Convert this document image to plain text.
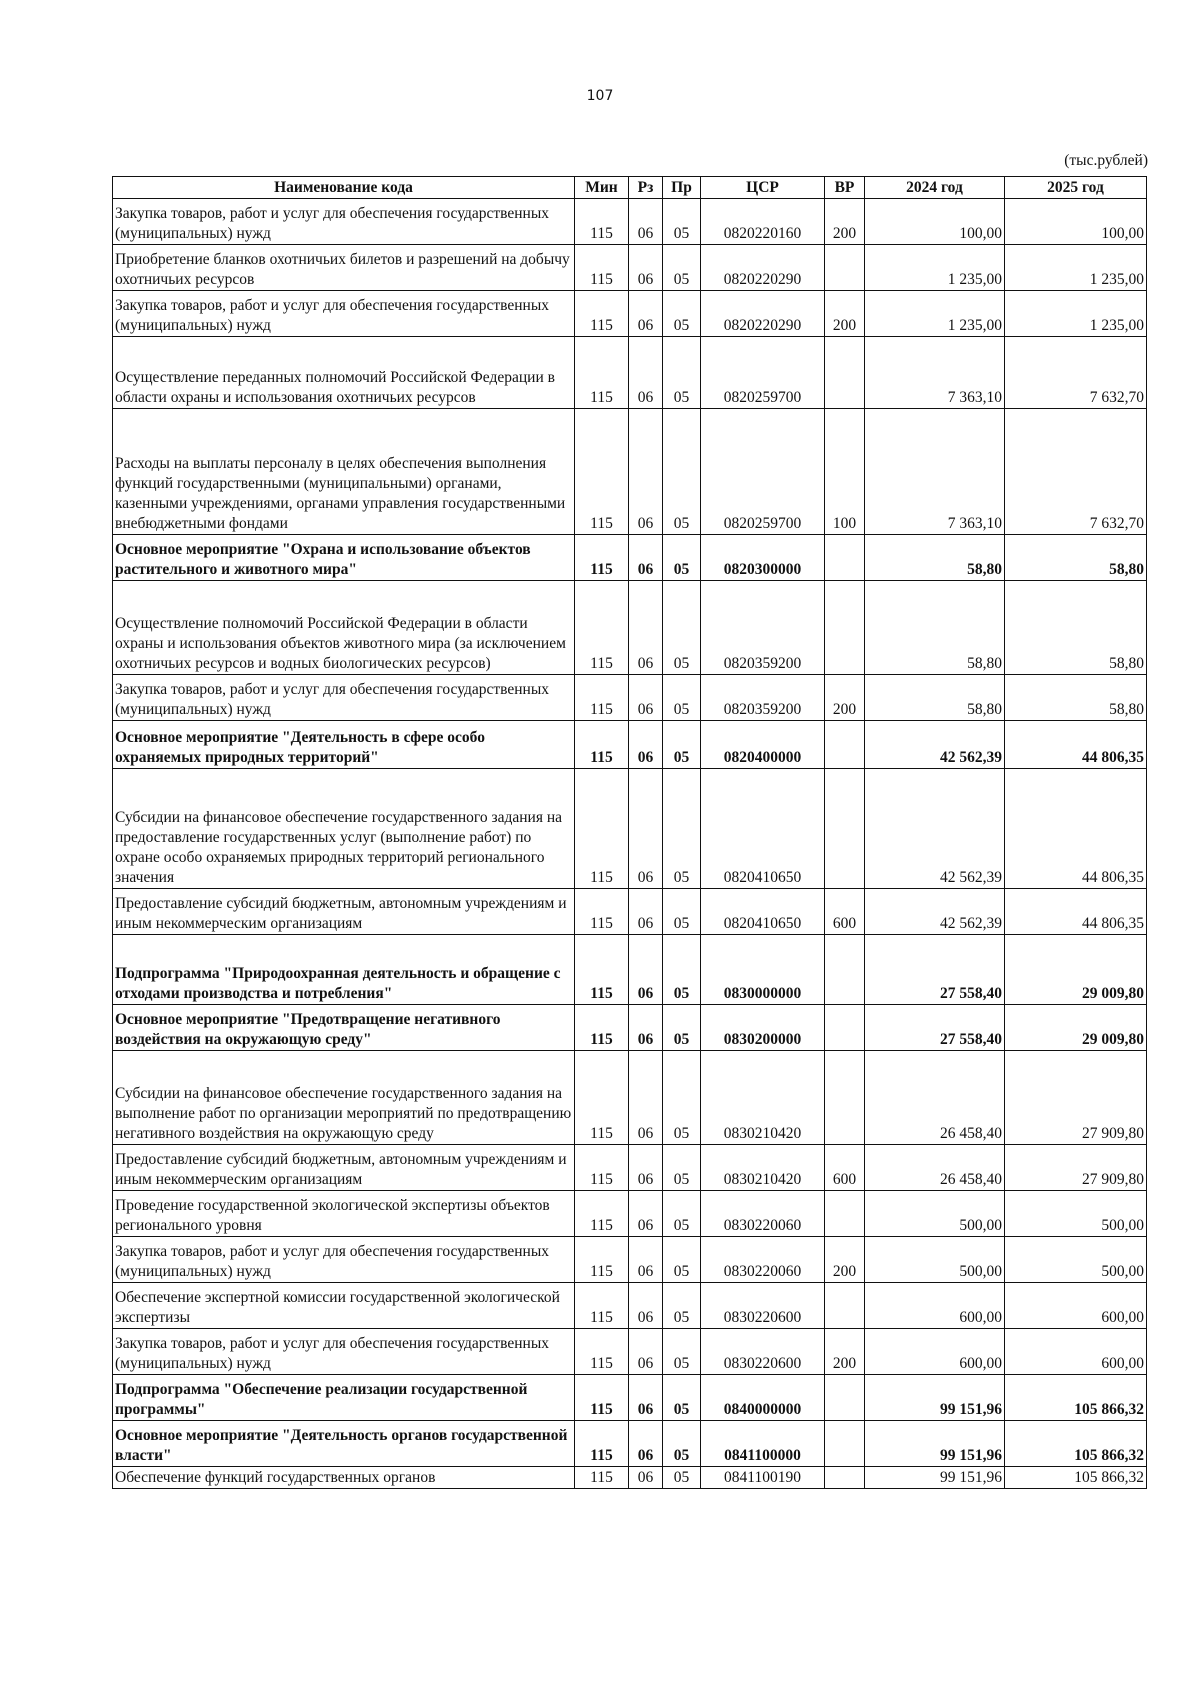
107
(тыс.рублей)
Наименование кода	Мин	Рз	Пр	ЦСР	ВР	2024 год	2025 год
Закупка товаров, работ и услуг для обеспечения государственных (муниципальных) нужд	115	06	05	0820220160	200	100,00	100,00
Приобретение бланков охотничьих билетов и разрешений на добычу охотничьих ресурсов	115	06	05	0820220290		1 235,00	1 235,00
Закупка товаров, работ и услуг для обеспечения государственных (муниципальных) нужд	115	06	05	0820220290	200	1 235,00	1 235,00
Осуществление переданных полномочий Российской Федерации в области охраны и использования охотничьих ресурсов	115	06	05	0820259700		7 363,10	7 632,70
Расходы на выплаты персоналу в целях обеспечения выполнения функций государственными (муниципальными) органами, казенными учреждениями, органами управления государственными внебюджетными фондами	115	06	05	0820259700	100	7 363,10	7 632,70
Основное мероприятие "Охрана и использование объектов растительного и животного мира"	115	06	05	0820300000		58,80	58,80
Осуществление полномочий Российской Федерации в области охраны и использования объектов животного мира (за исключением охотничьих ресурсов и водных биологических ресурсов)	115	06	05	0820359200		58,80	58,80
Закупка товаров, работ и услуг для обеспечения государственных (муниципальных) нужд	115	06	05	0820359200	200	58,80	58,80
Основное мероприятие "Деятельность в сфере особо охраняемых природных территорий"	115	06	05	0820400000		42 562,39	44 806,35
Субсидии на финансовое обеспечение государственного задания на предоставление государственных услуг (выполнение работ) по охране особо охраняемых природных территорий регионального значения	115	06	05	0820410650		42 562,39	44 806,35
Предоставление субсидий бюджетным, автономным учреждениям и иным некоммерческим организациям	115	06	05	0820410650	600	42 562,39	44 806,35
Подпрограмма "Природоохранная деятельность и обращение с отходами производства и потребления"	115	06	05	0830000000		27 558,40	29 009,80
Основное мероприятие "Предотвращение негативного воздействия на окружающую среду"	115	06	05	0830200000		27 558,40	29 009,80
Субсидии на финансовое обеспечение государственного задания на выполнение работ по организации мероприятий по предотвращению негативного воздействия на окружающую среду	115	06	05	0830210420		26 458,40	27 909,80
Предоставление субсидий бюджетным, автономным учреждениям и иным некоммерческим организациям	115	06	05	0830210420	600	26 458,40	27 909,80
Проведение государственной экологической экспертизы объектов регионального уровня	115	06	05	0830220060		500,00	500,00
Закупка товаров, работ и услуг для обеспечения государственных (муниципальных) нужд	115	06	05	0830220060	200	500,00	500,00
Обеспечение экспертной комиссии государственной экологической экспертизы	115	06	05	0830220600		600,00	600,00
Закупка товаров, работ и услуг для обеспечения государственных (муниципальных) нужд	115	06	05	0830220600	200	600,00	600,00
Подпрограмма "Обеспечение реализации государственной программы"	115	06	05	0840000000		99 151,96	105 866,32
Основное мероприятие "Деятельность органов государственной власти"	115	06	05	0841100000		99 151,96	105 866,32
Обеспечение функций государственных органов	115	06	05	0841100190		99 151,96	105 866,32
